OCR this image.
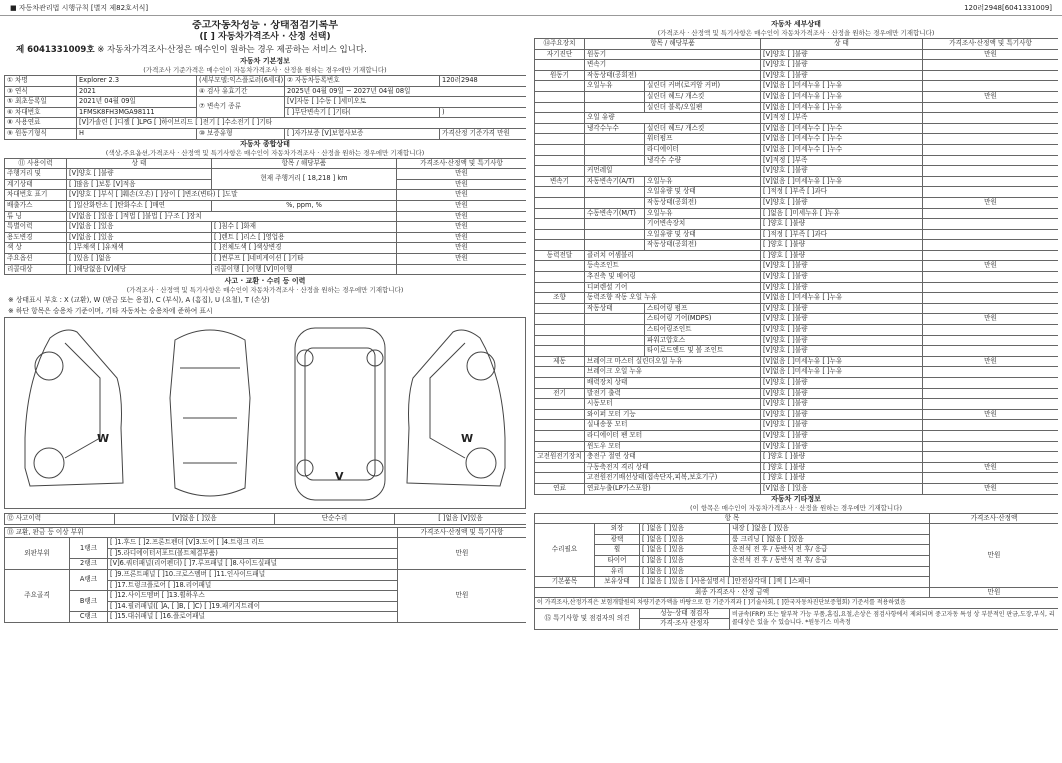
■ 자동차관리법 시행규칙 [별지 제82호서식]	120러2948[6041331009]
중고자동차성능 · 상태점검기록부
([ ] 자동차가격조사 · 산정 선택)
제 6041331009호 ※ 자동차가격조사·산정은 매수인이 원하는 경우 제공하는 서비스 입니다.
자동차 기본정보
(가격조사 기준가격은 매수인이 자동차가격조사 · 산정을 원하는 경우에만 기재합니다)
① 차명	Explorer 2.3	(세부모델:익스플로러(6세대)	② 자동차등록번호	120러2948
③ 연식	2021	④ 검사 유효기간	2025년 04월 09일 ~ 2027년 04월 08일	
⑤ 최초등록일	2021년 04월 09일	⑦ 변속기 종류	[V]자동 [ ]수동 [ ]세미오토	
⑥ 차대번호	1FMSK8FH3MGA98111		[ ]무단변속기 [ ]기타(	)
⑧ 사용연료	[V]가솔린 [ ]디젤 [ ]LPG [ ]하이브리드 [ ]전기 [ ]수소전기 [ ]기타			
⑨ 원동기형식	H	⑩ 보증유형	[ ]자가보증 [V]보험사보증	가격산정 기준가격 만원
자동차 종합상태
(색상,주요옵션,가격조사 · 산정액 및 특기사항은 매수인이 자동차가격조사 · 산정을 원하는 경우에만 기재합니다)
⑪ 사용이력	상 태	항목 / 해당부품	가격조사·산정액 및 특기사항
주행거리 및	[V]양호 [ ]불량	현재 주행거리 [ 18,218 ] km	만원
계기상태	[ ]많음 [ ]보통 [V]적음		만원
차대번호 표기	[V]양호 [ ]부식 [ ]훼손(오손) [ ]상이 [ ]변조(변타) [ ]도말		만원
배출가스	[ ]일산화탄소 [ ]탄화수소 [ ]매연	%, ppm, %	만원
튜 닝	[V]없음 [ ]있음 [ ]적법 [ ]불법 [ ]구조 [ ]장치		만원
특별이력	[V]없음 [ ]있음	[ ]침수 [ ]화재	만원
용도변경	[V]없음 [ ]있음	[ ]렌트 [ ]리스 [ ]영업용	만원
색 상	[ ]무채색 [ ]유채색	[ ]전체도색 [ ]색상변경	만원
주요옵션	[ ]있음 [ ]없음	[ ]썬루프 [ ]네비게이션 [ ]기타	만원
리콜대상	[ ]해당없음 [V]해당	리콜이행 [ ]이행 [V]미이행	
사고 · 교환 · 수리 등 이력
(가격조사 · 산정액 및 특기사항은 매수인이 자동차가격조사 · 산정을 원하는 경우에만 기재합니다)
※ 상태표시 부호 : X (교환), W (판금 또는 용접), C (부식), A (흠집), U (요철), T (손상)
※ 하단 항목은 승용차 기준이며, 기타 자동차는 승용차에 준하여 표시
W
V
W
⑫ 사고이력	[V]없음 [ ]있음	단순수리	[ ]없음 [V]있음
⑬ 교환, 판금 등 이상 부위			가격조사·산정액 및 특기사항
외판부위	1랭크	[ ]1.후드 [ ]2.프론트펜더 [V]3.도어 [ ]4.트렁크 리드	만원
		[ ]5.라디에이터서포트(볼트체결부품)	
	2랭크	[V]6.쿼터패널(리어펜더) [ ]7.루프패널 [ ]8.사이드실패널	
주요골격	A랭크	[ ]9.프론트패널 [ ]10.크로스멤버 [ ]11.인사이드패널	만원
		[ ]17.트렁크플로어 [ ]18.리어패널	
	B랭크	[ ]12.사이드멤버 [ ]13.휠하우스	
		[ ]14.필러패널([ ]A, [ ]B, [ ]C) [ ]19.패키지트레이	
	C랭크	[ ]15.대쉬패널 [ ]16.플로어패널	
자동차 세부상태
(가격조사 · 산정액 및 특기사항은 매수인이 자동차가격조사 · 산정을 원하는 경우에만 기재합니다)
⑭주요장치	항목 / 해당부품		상 태	가격조사·산정액 및 특기사항
자기진단	원동기		[V]양호 [ ]불량	만원
	변속기		[V]양호 [ ]불량	
원동기	작동상태(공회전)		[V]양호 [ ]불량	
	오일누유	실린더 커버(로커암 커버)	[V]없음 [ ]미세누유 [ ]누유	
		실린더 헤드/ 개스킷	[V]없음 [ ]미세누유 [ ]누유	만원
		실린더 블록/오일팬	[V]없음 [ ]미세누유 [ ]누유	
	오일 유량		[V]적정 [ ]부족	
	냉각수누수	실린더 헤드/ 개스킷	[V]없음 [ ]미세누수 [ ]누수	
		워터펌프	[V]없음 [ ]미세누수 [ ]누수	
		라디에이터	[V]없음 [ ]미세누수 [ ]누수	
		냉각수 수량	[V]적정 [ ]부족	
	커먼레일		[V]양호 [ ]불량	
변속기	자동변속기(A/T)	오일누유	[V]없음 [ ]미세누유 [ ]누유	
		오일유량 및 상태	[ ]적정 [ ]부족 [ ]과다	
		작동상태(공회전)	[V]양호 [ ]불량	만원
	수동변속기(M/T)	오일누유	[ ]없음 [ ]미세누유 [ ]누유	
		기어변속장치	[ ]양호 [ ]불량	
		오일유량 및 상태	[ ]적정 [ ]부족 [ ]과다	
		작동상태(공회전)	[ ]양호 [ ]불량	
동력전달	클러치 어셈블리		[ ]양호 [ ]불량	
	등속조인트		[V]양호 [ ]불량	만원
	추진축 및 베어링		[V]양호 [ ]불량	
	디퍼렌셜 기어		[V]양호 [ ]불량	
조향	동력조향 작동 오일 누유		[V]없음 [ ]미세누유 [ ]누유	
	작동상태	스티어링 펌프	[V]양호 [ ]불량	
		스티어링 기어(MDPS)	[V]양호 [ ]불량	만원
		스티어링조인트	[V]양호 [ ]불량	
		파워고압호스	[V]양호 [ ]불량	
		타이로드엔드 및 볼 조인트	[V]양호 [ ]불량	
제동	브레이크 마스터 실린더오일 누유		[V]없음 [ ]미세누유 [ ]누유	만원
	브레이크 오일 누유		[V]없음 [ ]미세누유 [ ]누유	
	배력장치 상태		[V]양호 [ ]불량	
전기	발전기 출력		[V]양호 [ ]불량	
	시동모터		[V]양호 [ ]불량	
	와이퍼 모터 기능		[V]양호 [ ]불량	만원
	실내송풍 모터		[V]양호 [ ]불량	
	라디에이터 팬 모터		[V]양호 [ ]불량	
	윈도우 모터		[V]양호 [ ]불량	
고전원전기장치	충전구 절연 상태		[ ]양호 [ ]불량	
	구동축전지 격리 상태		[ ]양호 [ ]불량	만원
	고전원전기배선상태(접속단자,피복,보호기구)		[ ]양호 [ ]불량	
연료	연료누출(LP가스포함)		[V]없음 [ ]있음	만원
자동차 기타정보
(이 항목은 매수인이 자동차가격조사 · 산정을 원하는 경우에만 기재합니다)
항 목				가격조사·산정액
수리필요	외장	[ ]없음 [ ]있음	내장 [ ]없음 [ ]있음	만원
	광택	[ ]없음 [ ]있음	룸 크리닝 [ ]없음 [ ]있음	
	휠	[ ]없음 [ ]있음	운전석 전 후 / 동반석 전 후/ 응급	
	타이어	[ ]없음 [ ]있음	운전석 전 후 / 동반석 전 후/ 응급	
	유리	[ ]없음 [ ]있음		
기본품목	보유상태	[ ]없음 [ ]있음 [ ]사용설명서 [ ]안전삼각대 [ ]잭 [ ]스패너		
최종 가격조사 · 산정 금액				만원
이 가격조사,산정가격은 보험개발원의 차량기준가액을 바탕으로 한 기준가격과 [ ]기술사회, [ ]한국자동차진단보증협회) 기준서를 적용하였음				
⑮ 특기사항 및 점검자의 의견		성능·상태 점검자	비금속(FRP) 또는 탈부착 가능 부품,흠집,요철,손상은 점검사항에서 제외되며 중고자동 특성 상 부분적인 판금,도장,부식, 리콜대상은 있을 수 있습니다. *원동기스 미측정	
		가격·조사 산정자		
